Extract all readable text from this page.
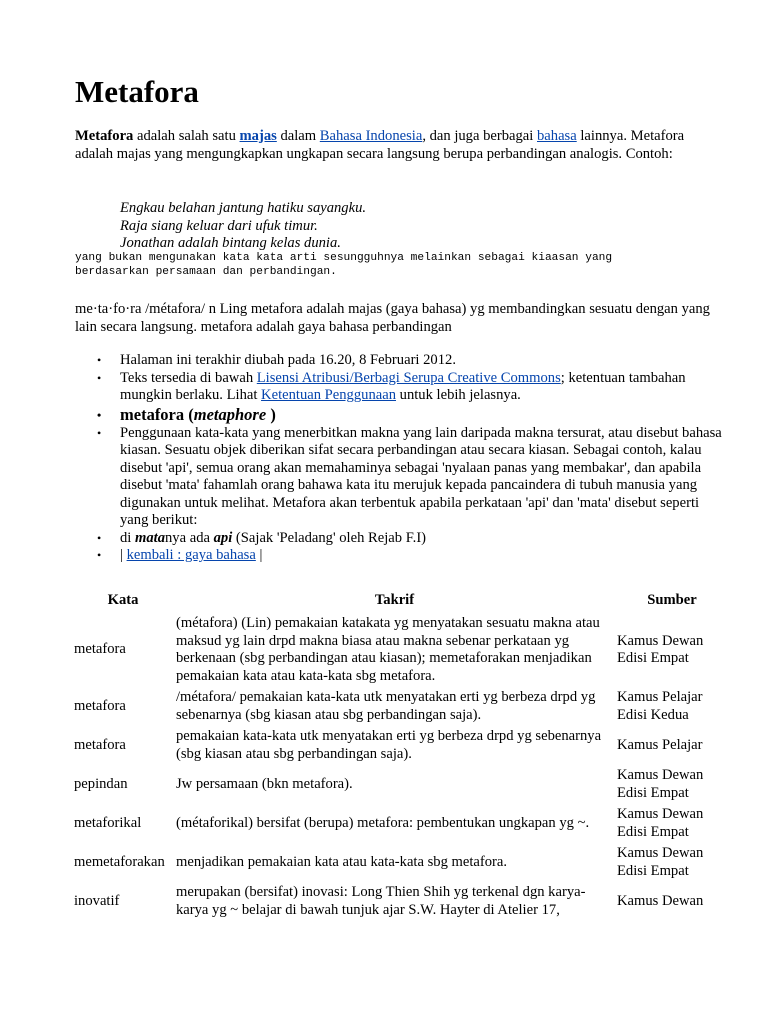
Metafora

Metafora adalah salah satu majas dalam Bahasa Indonesia, dan juga berbagai bahasa lainnya. Metafora adalah majas yang mengungkapkan ungkapan secara langsung berupa perbandingan analogis. Contoh:

Engkau belahan jantung hatiku sayangku.
Raja siang keluar dari ufuk timur.
Jonathan adalah bintang kelas dunia.
yang bukan mengunakan kata kata arti sesungguhnya melainkan sebagai kiaasan yang
berdasarkan persamaan dan perbandingan.

me·ta·fo·ra /métafora/ n Ling metafora adalah majas (gaya bahasa) yg membandingkan sesuatu dengan yang lain secara langsung. metafora adalah gaya bahasa perbandingan

• Halaman ini terakhir diubah pada 16.20, 8 Februari 2012.
• Teks tersedia di bawah Lisensi Atribusi/Berbagi Serupa Creative Commons; ketentuan tambahan mungkin berlaku. Lihat Ketentuan Penggunaan untuk lebih jelasnya.
• metafora (metaphore )
• Penggunaan kata-kata yang menerbitkan makna yang lain daripada makna tersurat, atau disebut bahasa kiasan. Sesuatu objek diberikan sifat secara perbandingan atau secara kiasan. Sebagai contoh, kalau disebut 'api', semua orang akan memahaminya sebagai 'nyalaan panas yang membakar', dan apabila disebut 'mata' fahamlah orang bahawa kata itu merujuk kepada pancaindera di tubuh manusia yang digunakan untuk melihat. Metafora akan terbentuk apabila perkataan 'api' dan 'mata' disebut seperti yang berikut:
• di matanya ada api (Sajak 'Peladang' oleh Rejab F.I)
• | kembali : gaya bahasa |
Kata	Takrif	Sumber
metafora	(métafora) (Lin) pemakaian katakata yg menyatakan sesuatu makna atau maksud yg lain drpd makna biasa atau makna sebenar perkataan yg berkenaan (sbg perbandingan atau kiasan); memetaforakan menjadikan pemakaian kata atau kata-kata sbg metafora.	Kamus Dewan Edisi Empat
metafora	/métafora/ pemakaian kata-kata utk menyatakan erti yg berbeza drpd yg sebenarnya (sbg kiasan atau sbg perbandingan saja).	Kamus Pelajar Edisi Kedua
metafora	pemakaian kata-kata utk menyatakan erti yg berbeza drpd yg sebenarnya (sbg kiasan atau sbg perbandingan saja).	Kamus Pelajar
pepindan	Jw persamaan (bkn metafora).	Kamus Dewan Edisi Empat
metaforikal	(métaforikal) bersifat (berupa) metafora: pembentukan ungkapan yg ~.	Kamus Dewan Edisi Empat
memetaforakan	menjadikan pemakaian kata atau kata-kata sbg metafora.	Kamus Dewan Edisi Empat
inovatif	merupakan (bersifat) inovasi: Long Thien Shih yg terkenal dgn karya-karya yg ~ belajar di bawah tunjuk ajar S.W. Hayter di Atelier 17,	Kamus Dewan
